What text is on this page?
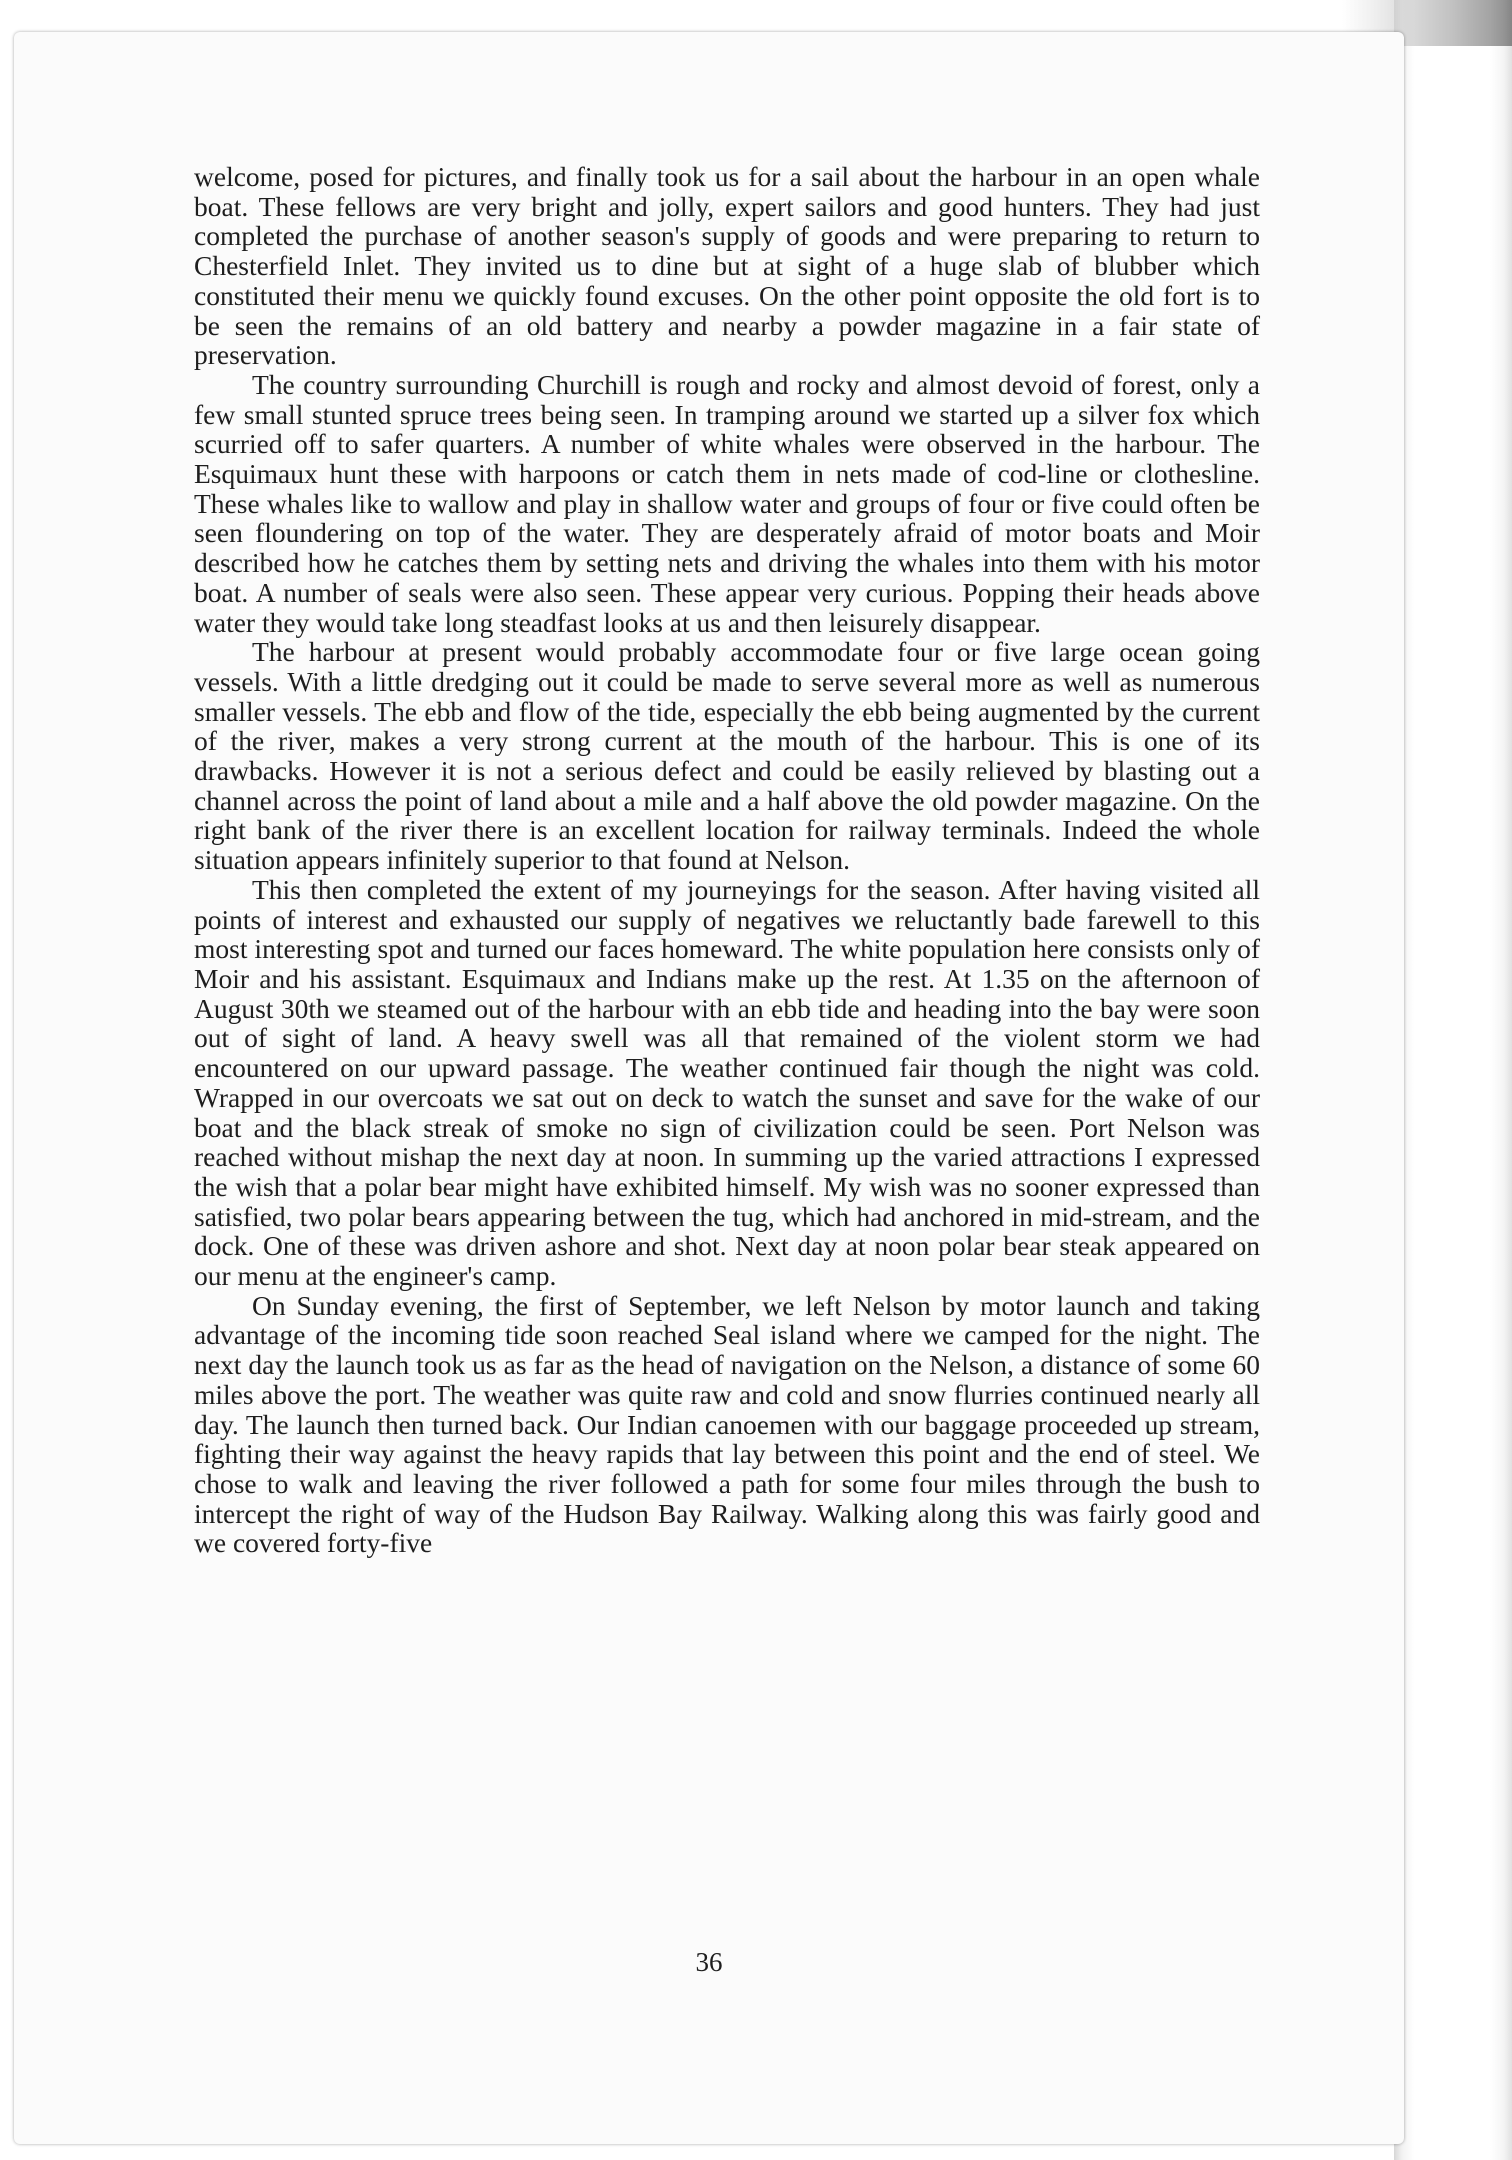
welcome, posed for pictures, and finally took us for a sail about the harbour in an open whale boat. These fellows are very bright and jolly, expert sailors and good hunters. They had just completed the purchase of another season's supply of goods and were preparing to return to Chesterfield Inlet. They invited us to dine but at sight of a huge slab of blubber which constituted their menu we quickly found excuses. On the other point opposite the old fort is to be seen the remains of an old battery and nearby a powder magazine in a fair state of preservation.

The country surrounding Churchill is rough and rocky and almost devoid of forest, only a few small stunted spruce trees being seen. In tramping around we started up a silver fox which scurried off to safer quarters. A number of white whales were observed in the harbour. The Esquimaux hunt these with harpoons or catch them in nets made of cod-line or clothesline. These whales like to wallow and play in shallow water and groups of four or five could often be seen floundering on top of the water. They are desperately afraid of motor boats and Moir described how he catches them by setting nets and driving the whales into them with his motor boat. A number of seals were also seen. These appear very curious. Popping their heads above water they would take long steadfast looks at us and then leisurely disappear.

The harbour at present would probably accommodate four or five large ocean going vessels. With a little dredging out it could be made to serve several more as well as numerous smaller vessels. The ebb and flow of the tide, especially the ebb being augmented by the current of the river, makes a very strong current at the mouth of the harbour. This is one of its drawbacks. However it is not a serious defect and could be easily relieved by blasting out a channel across the point of land about a mile and a half above the old powder magazine. On the right bank of the river there is an excellent location for railway terminals. Indeed the whole situation appears infinitely superior to that found at Nelson.

This then completed the extent of my journeyings for the season. After having visited all points of interest and exhausted our supply of negatives we reluctantly bade farewell to this most interesting spot and turned our faces homeward. The white population here consists only of Moir and his assistant. Esquimaux and Indians make up the rest. At 1.35 on the afternoon of August 30th we steamed out of the harbour with an ebb tide and heading into the bay were soon out of sight of land. A heavy swell was all that remained of the violent storm we had encountered on our upward passage. The weather continued fair though the night was cold. Wrapped in our overcoats we sat out on deck to watch the sunset and save for the wake of our boat and the black streak of smoke no sign of civilization could be seen. Port Nelson was reached without mishap the next day at noon. In summing up the varied attractions I expressed the wish that a polar bear might have exhibited himself. My wish was no sooner expressed than satisfied, two polar bears appearing between the tug, which had anchored in mid-stream, and the dock. One of these was driven ashore and shot. Next day at noon polar bear steak appeared on our menu at the engineer's camp.

On Sunday evening, the first of September, we left Nelson by motor launch and taking advantage of the incoming tide soon reached Seal island where we camped for the night. The next day the launch took us as far as the head of navigation on the Nelson, a distance of some 60 miles above the port. The weather was quite raw and cold and snow flurries continued nearly all day. The launch then turned back. Our Indian canoemen with our baggage proceeded up stream, fighting their way against the heavy rapids that lay between this point and the end of steel. We chose to walk and leaving the river followed a path for some four miles through the bush to intercept the right of way of the Hudson Bay Railway. Walking along this was fairly good and we covered forty-five

36
